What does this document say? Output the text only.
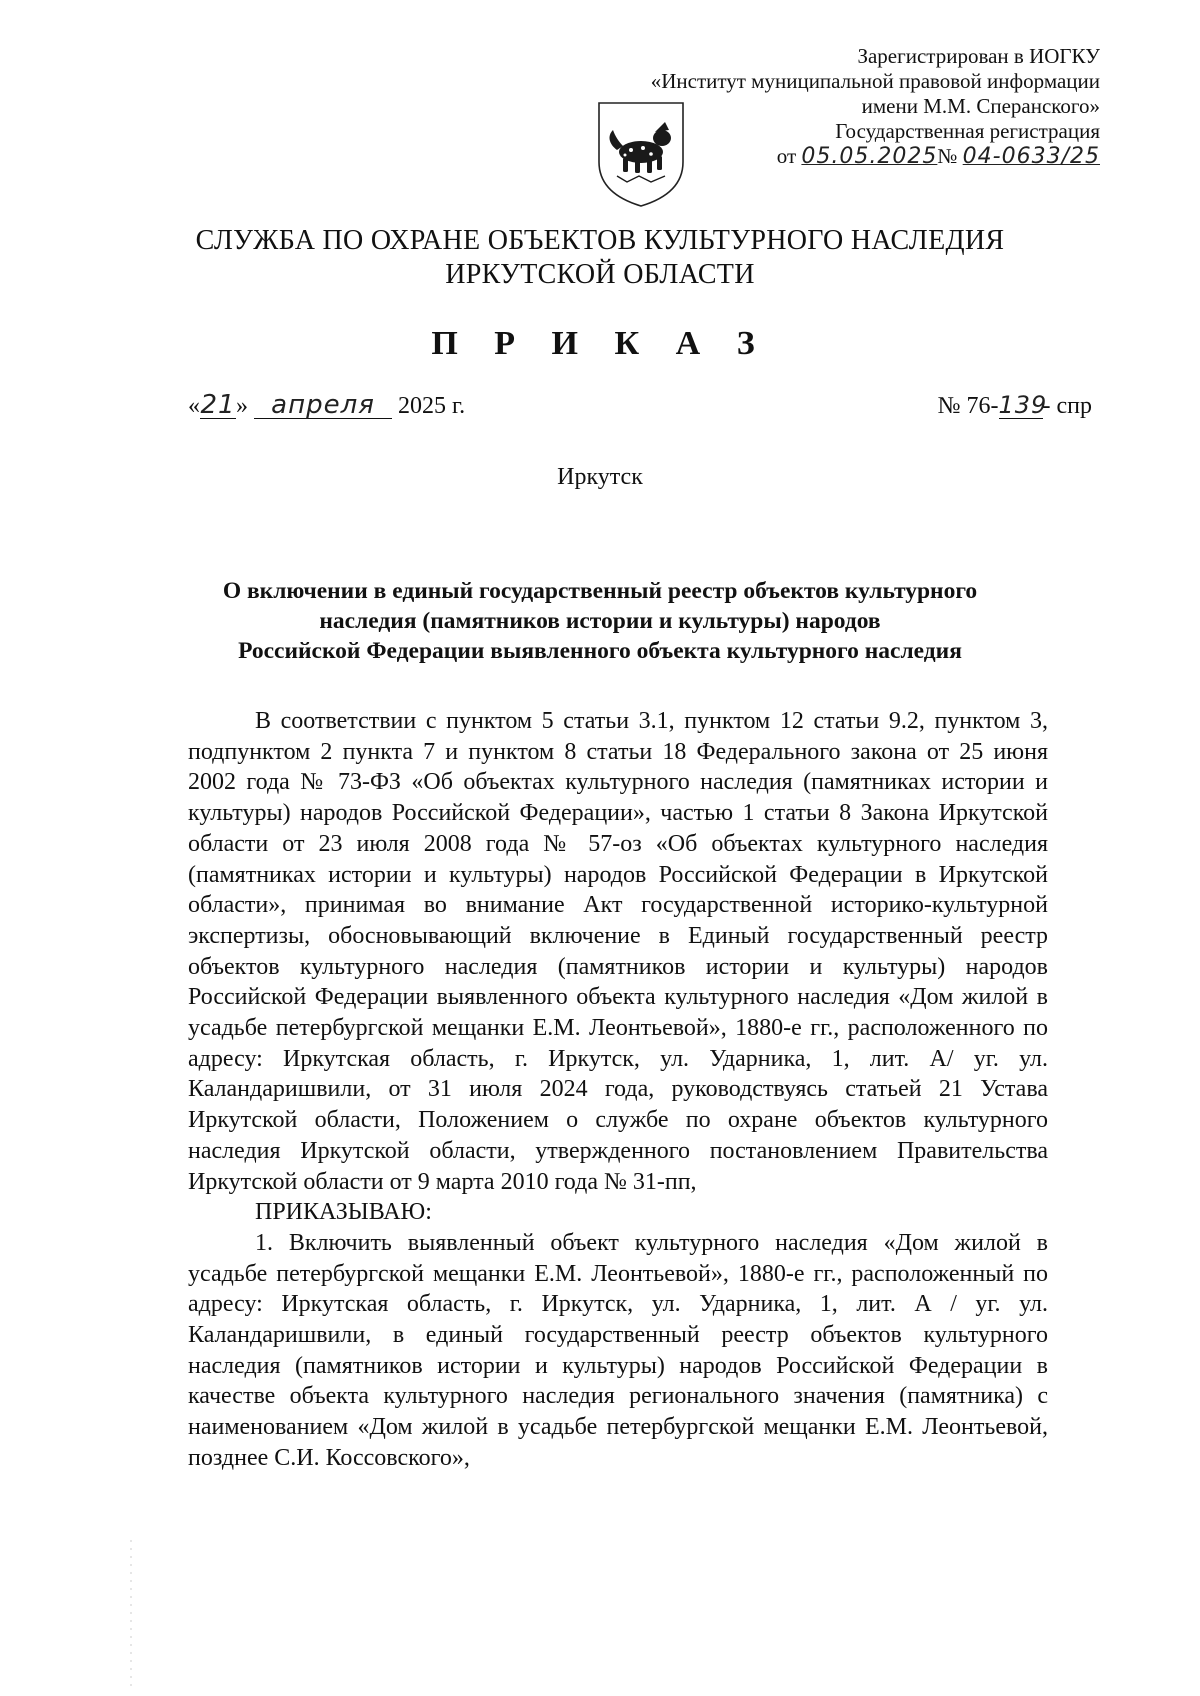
Зарегистрирован в ИОГКУ
«Институт муниципальной правовой информации
имени М.М. Сперанского»
Государственная регистрация
от 05.05.2025№ 04-0633/25
СЛУЖБА ПО ОХРАНЕ ОБЪЕКТОВ КУЛЬТУРНОГО НАСЛЕДИЯ
ИРКУТСКОЙ ОБЛАСТИ
П Р И К А З
«21» апреля 2025 г.	№ 76-139- спр
Иркутск
О включении в единый государственный реестр объектов культурного
наследия (памятников истории и культуры) народов
Российской Федерации выявленного объекта культурного наследия

В соответствии с пунктом 5 статьи 3.1, пунктом 12 статьи 9.2, пунктом 3, подпунктом 2 пункта 7 и пунктом 8 статьи 18 Федерального закона от 25 июня 2002 года № 73-ФЗ «Об объектах культурного наследия (памятниках истории и культуры) народов Российской Федерации», частью 1 статьи 8 Закона Иркутской области от 23 июля 2008 года № 57-оз «Об объектах культурного наследия (памятниках истории и культуры) народов Российской Федерации в Иркутской области», принимая во внимание Акт государственной историко-культурной экспертизы, обосновывающий включение в Единый государственный реестр объектов культурного наследия (памятников истории и культуры) народов Российской Федерации выявленного объекта культурного наследия «Дом жилой в усадьбе петербургской мещанки Е.М. Леонтьевой», 1880-е гг., расположенного по адресу: Иркутская область, г. Иркутск, ул. Ударника, 1, лит. А/ уг. ул. Каландаришвили, от 31 июля 2024 года, руководствуясь статьей 21 Устава Иркутской области, Положением о службе по охране объектов культурного наследия Иркутской области, утвержденного постановлением Правительства Иркутской области от 9 марта 2010 года № 31-пп,

ПРИКАЗЫВАЮ:

1. Включить выявленный объект культурного наследия «Дом жилой в усадьбе петербургской мещанки Е.М. Леонтьевой», 1880-е гг., расположенный по адресу: Иркутская область, г. Иркутск, ул. Ударника, 1, лит. А / уг. ул. Каландаришвили, в единый государственный реестр объектов культурного наследия (памятников истории и культуры) народов Российской Федерации в качестве объекта культурного наследия регионального значения (памятника) с наименованием «Дом жилой в усадьбе петербургской мещанки Е.М. Леонтьевой, позднее С.И. Коссовского»,
